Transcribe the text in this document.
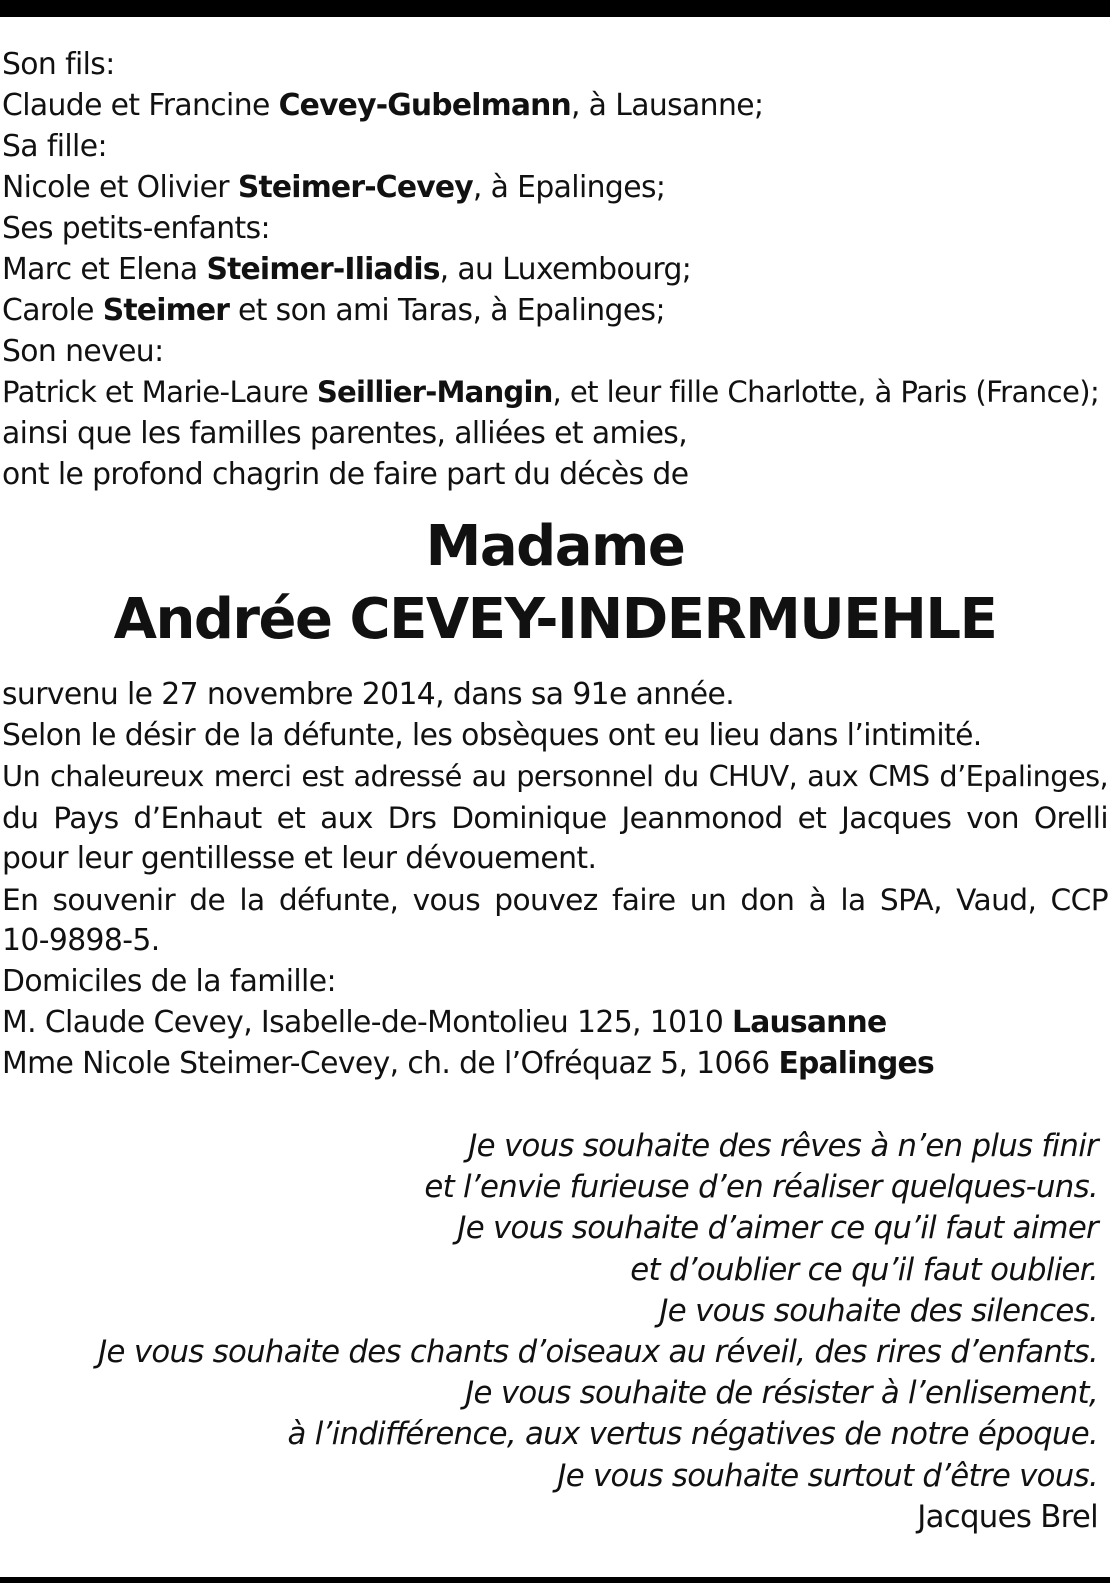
Son fils:
Claude et Francine Cevey-Gubelmann, à Lausanne;
Sa fille:
Nicole et Olivier Steimer-Cevey, à Epalinges;
Ses petits-enfants:
Marc et Elena Steimer-Iliadis, au Luxembourg;
Carole Steimer et son ami Taras, à Epalinges;
Son neveu:
Patrick et Marie-Laure Seillier-Mangin, et leur fille Charlotte, à Paris (France);
ainsi que les familles parentes, alliées et amies,
ont le profond chagrin de faire part du décès de
Madame
Andrée CEVEY-INDERMUEHLE
survenu le 27 novembre 2014, dans sa 91e année.
Selon le désir de la défunte, les obsèques ont eu lieu dans l’intimité.
Un chaleureux merci est adressé au personnel du CHUV, aux CMS d’Epalinges,
du Pays d’Enhaut et aux Drs Dominique Jeanmonod et Jacques von Orelli
pour leur gentillesse et leur dévouement.
En souvenir de la défunte, vous pouvez faire un don à la SPA, Vaud, CCP
10-9898-5.
Domiciles de la famille:
M. Claude Cevey, Isabelle-de-Montolieu 125, 1010 Lausanne
Mme Nicole Steimer-Cevey, ch. de l’Ofréquaz 5, 1066 Epalinges
Je vous souhaite des rêves à n’en plus finir
et l’envie furieuse d’en réaliser quelques-uns.
Je vous souhaite d’aimer ce qu’il faut aimer
et d’oublier ce qu’il faut oublier.
Je vous souhaite des silences.
Je vous souhaite des chants d’oiseaux au réveil, des rires d’enfants.
Je vous souhaite de résister à l’enlisement,
à l’indifférence, aux vertus négatives de notre époque.
Je vous souhaite surtout d’être vous.
Jacques Brel
